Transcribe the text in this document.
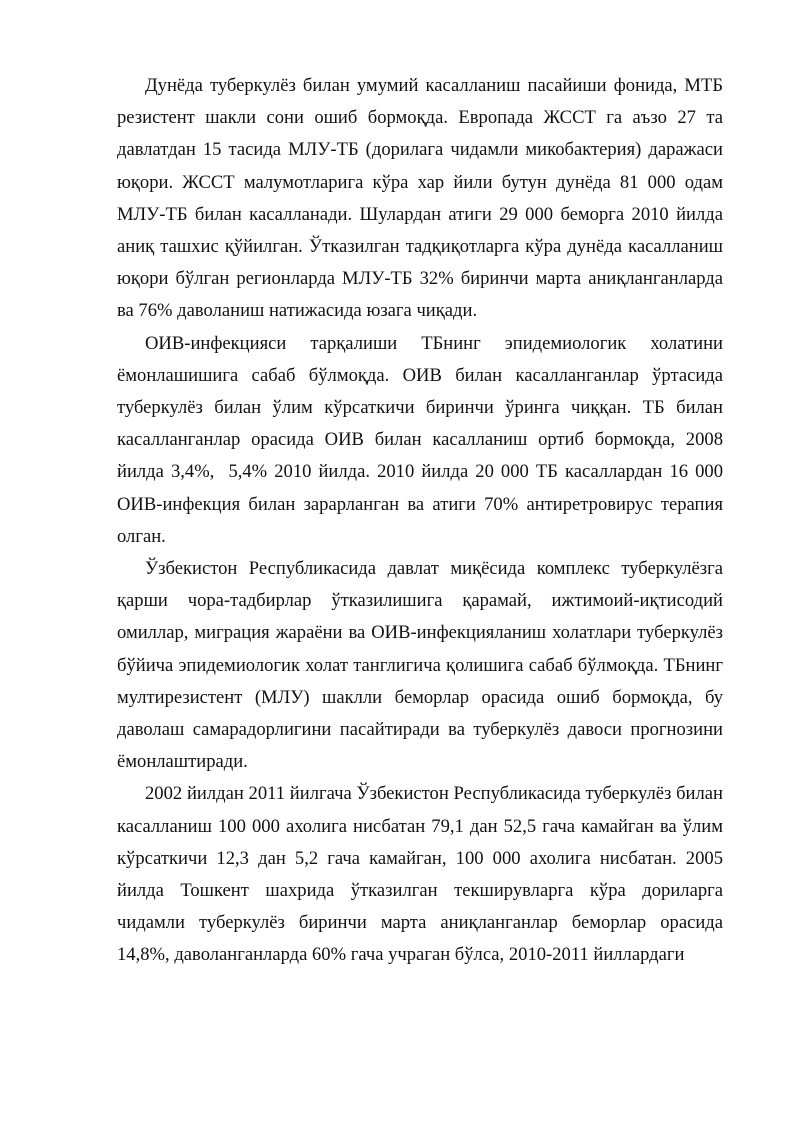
Дунёда туберкулёз билан умумий касалланиш пасайиши фонида, МТБ резистент шакли сони ошиб бормоқда. Европада ЖССТ га аъзо 27 та давлатдан 15 тасида МЛУ-ТБ (дорилага чидамли микобактерия) даражаси юқори. ЖССТ малумотларига кўра хар йили бутун дунёда 81 000 одам МЛУ-ТБ билан касалланади. Шулардан атиги 29 000 беморга 2010 йилда аниқ ташхис қўйилган. Ўтказилган тадқиқотларга кўра дунёда касалланиш юқори бўлган регионларда МЛУ-ТБ 32% биринчи марта аниқланганларда ва 76% даволаниш натижасида юзага чиқади.

ОИВ-инфекцияси тарқалиши ТБнинг эпидемиологик холатини ёмонлашишига сабаб бўлмоқда. ОИВ билан касалланганлар ўртасида туберкулёз билан ўлим кўрсаткичи биринчи ўринга чиққан. ТБ билан касалланганлар орасида ОИВ билан касалланиш ортиб бормоқда, 2008 йилда 3,4%,  5,4% 2010 йилда. 2010 йилда 20 000 ТБ касаллардан 16 000 ОИВ-инфекция билан зарарланган ва атиги 70% антиретровирус терапия олган.

Ўзбекистон Республикасида давлат миқёсида комплекс туберкулёзга қарши чора-тадбирлар ўтказилишига қарамай, ижтимоий-иқтисодий омиллар, миграция жараёни ва ОИВ-инфекцияланиш холатлари туберкулёз бўйича эпидемиологик холат танглигича қолишига сабаб бўлмоқда. ТБнинг мултирезистент (МЛУ) шаклли беморлар орасида ошиб бормоқда, бу даволаш самарадорлигини пасайтиради ва туберкулёз давоси прогнозини ёмонлаштиради.

2002 йилдан 2011 йилгача Ўзбекистон Республикасида туберкулёз билан касалланиш 100 000 ахолига нисбатан 79,1 дан 52,5 гача камайган ва ўлим кўрсаткичи 12,3 дан 5,2 гача камайган, 100 000 ахолига нисбатан. 2005 йилда Тошкент шахрида ўтказилган текширувларга кўра дориларга чидамли туберкулёз биринчи марта аниқланганлар беморлар орасида 14,8%, даволанганларда 60% гача учраган бўлса, 2010-2011 йиллардаги
